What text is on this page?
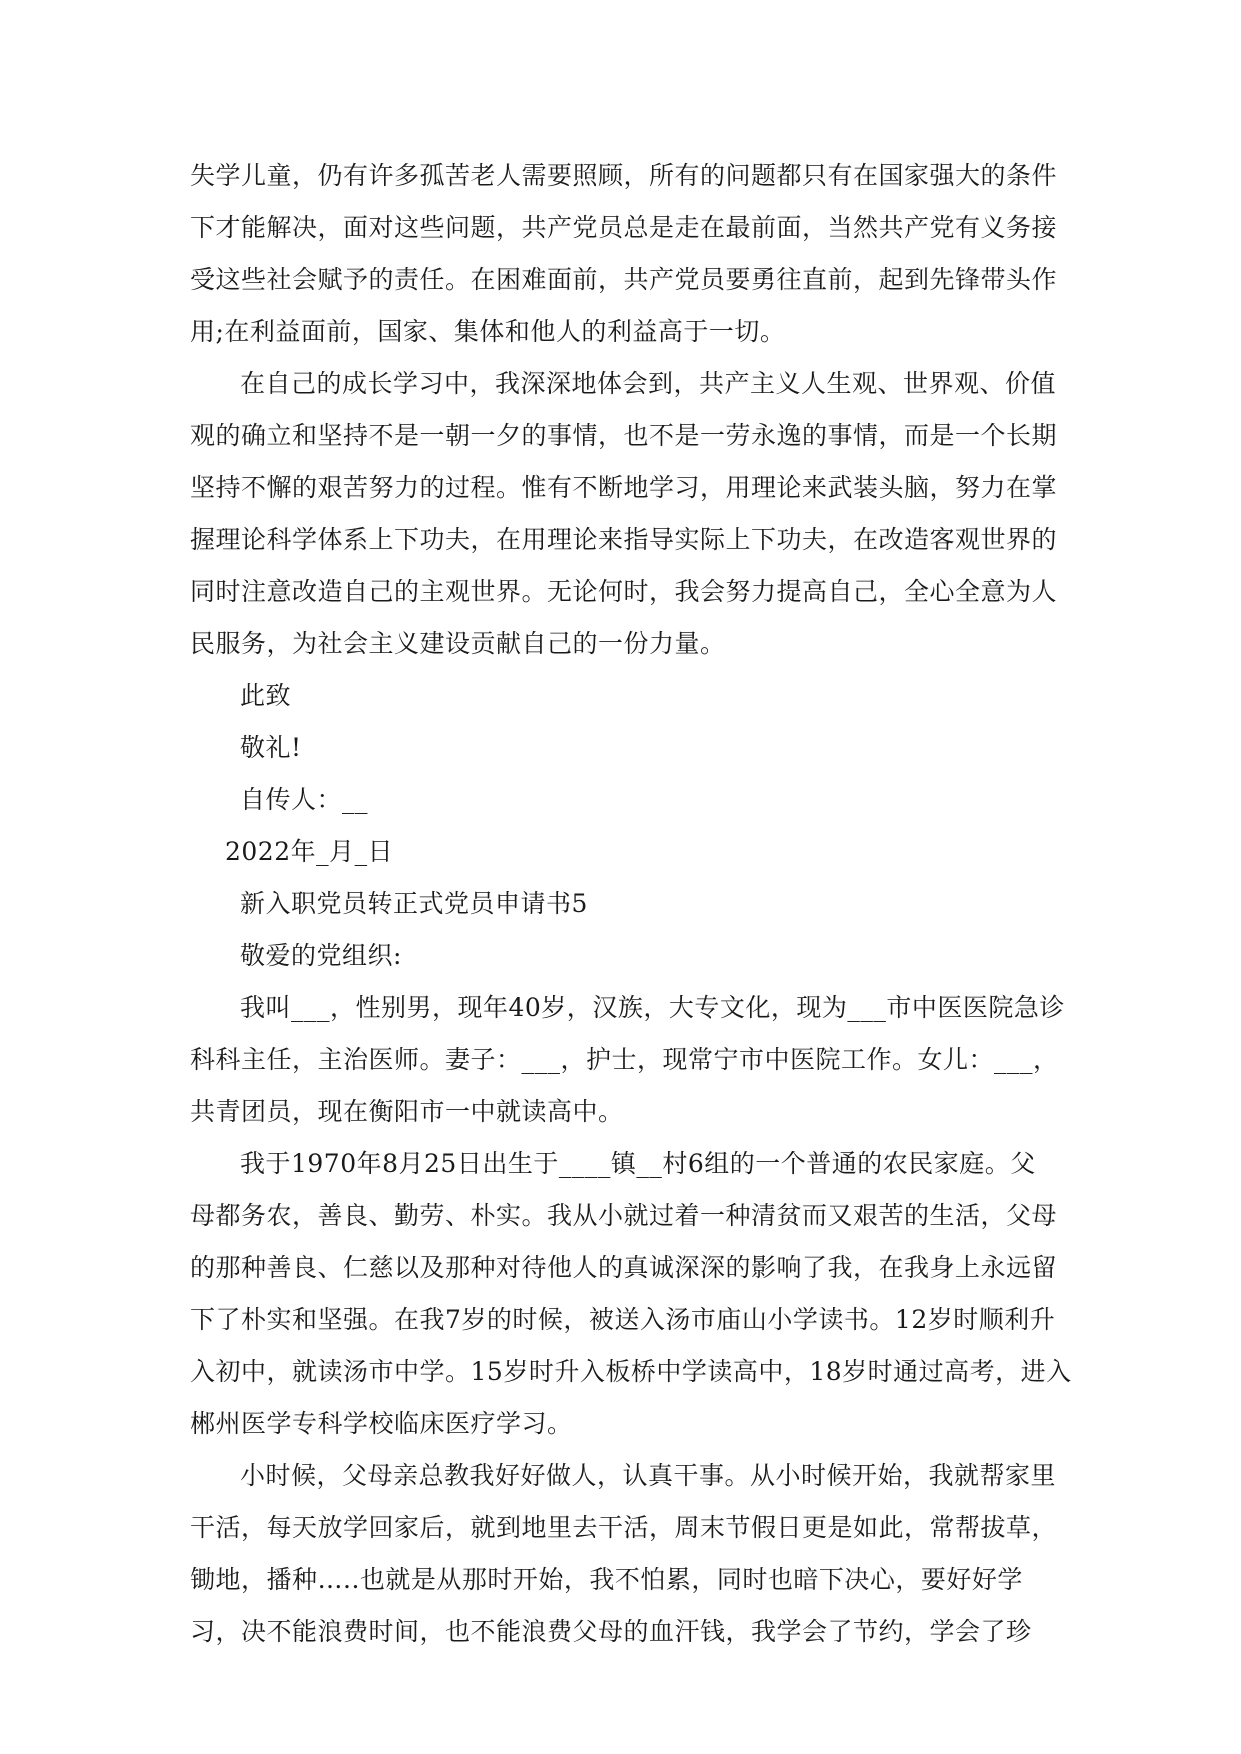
失学儿童，仍有许多孤苦老人需要照顾，所有的问题都只有在国家强大的条件
下才能解决，面对这些问题，共产党员总是走在最前面，当然共产党有义务接
受这些社会赋予的责任。在困难面前，共产党员要勇往直前，起到先锋带头作
用;在利益面前，国家、集体和他人的利益高于一切。
在自己的成长学习中，我深深地体会到，共产主义人生观、世界观、价值
观的确立和坚持不是一朝一夕的事情，也不是一劳永逸的事情，而是一个长期
坚持不懈的艰苦努力的过程。惟有不断地学习，用理论来武装头脑，努力在掌
握理论科学体系上下功夫，在用理论来指导实际上下功夫，在改造客观世界的
同时注意改造自己的主观世界。无论何时，我会努力提高自己，全心全意为人
民服务，为社会主义建设贡献自己的一份力量。
此致
敬礼!
自传人：__
2022年_月_日
新入职党员转正式党员申请书5
敬爱的党组织:
我叫___，性别男，现年40岁，汉族，大专文化，现为___市中医医院急诊
科科主任，主治医师。妻子：___，护士，现常宁市中医院工作。女儿：___，
共青团员，现在衡阳市一中就读高中。
我于1970年8月25日出生于____镇__村6组的一个普通的农民家庭。父
母都务农，善良、勤劳、朴实。我从小就过着一种清贫而又艰苦的生活，父母
的那种善良、仁慈以及那种对待他人的真诚深深的影响了我，在我身上永远留
下了朴实和坚强。在我7岁的时候，被送入汤市庙山小学读书。12岁时顺利升
入初中，就读汤市中学。15岁时升入板桥中学读高中，18岁时通过高考，进入
郴州医学专科学校临床医疗学习。
小时候，父母亲总教我好好做人，认真干事。从小时候开始，我就帮家里
干活，每天放学回家后，就到地里去干活，周末节假日更是如此，常帮拔草，
锄地，播种…..也就是从那时开始，我不怕累，同时也暗下决心，要好好学
习，决不能浪费时间，也不能浪费父母的血汗钱，我学会了节约，学会了珍
